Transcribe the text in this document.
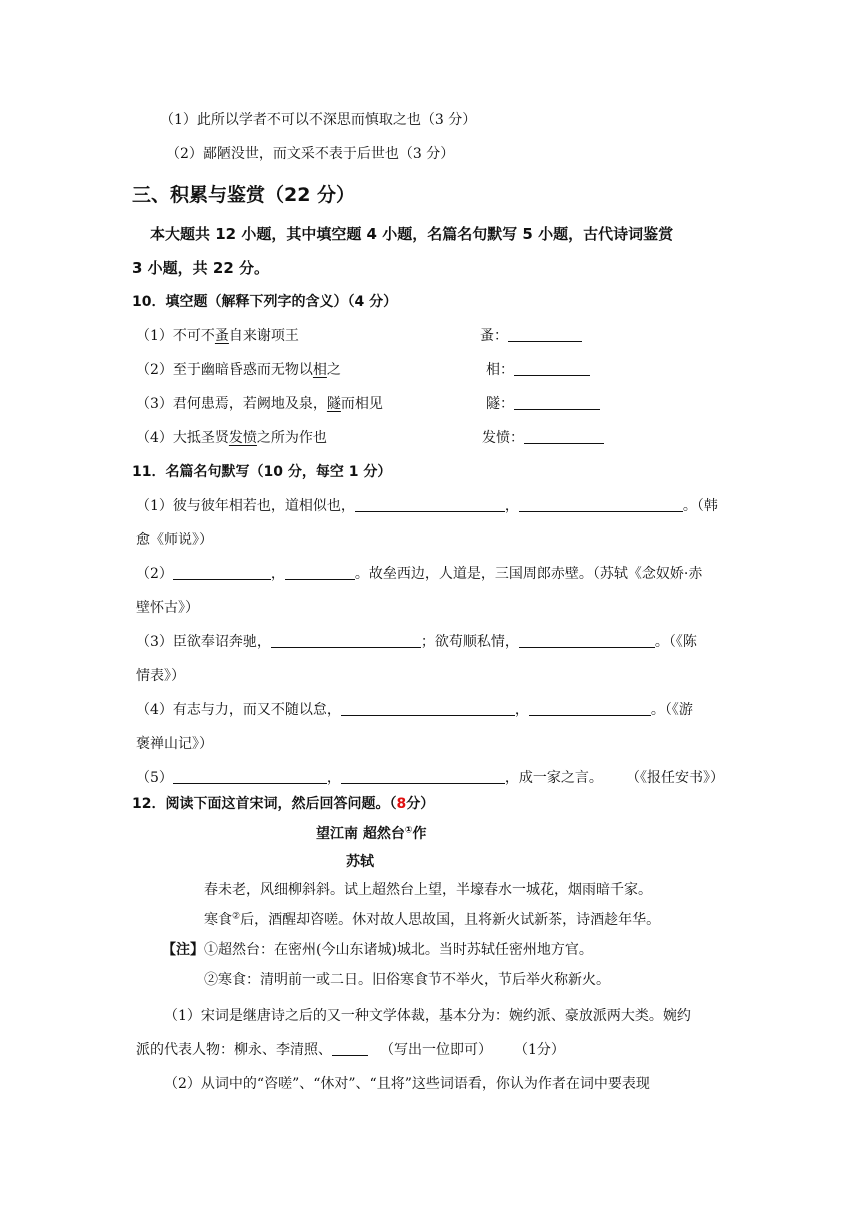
（1）此所以学者不可以不深思而慎取之也（3 分）
（2）鄙陋没世，而文采不表于后世也（3 分）
三、积累与鉴赏（22 分）
本大题共 12 小题，其中填空题 4 小题，名篇名句默写 5 小题，古代诗词鉴赏
3 小题，共 22 分。
10．填空题（解释下列字的含义）（4 分）
（1）不可不蚤自来谢项王	蚤：
（2）至于幽暗昏惑而无物以相之	相：
（3）君何患焉，若阙地及泉，隧而相见	隧：
（4）大抵圣贤发愤之所为作也	发愤：
11．名篇名句默写（10 分，每空 1 分）
（1）彼与彼年相若也，道相似也，	，	。（韩
愈《师说》）
（2）	，	。故垒西边，人道是，三国周郎赤壁。（苏轼《念奴娇·赤
壁怀古》）
（3）臣欲奉诏奔驰，	；欲苟顺私情，	。（《陈
情表》）
（4）有志与力，而又不随以怠，	，	。（《游
褒禅山记》）
（5）	，	，成一家之言。 （《报任安书》）
12．阅读下面这首宋词，然后回答问题。（8分）
望江南 超然台①作
苏轼
春未老，风细柳斜斜。试上超然台上望，半壕春水一城花，烟雨暗千家。
寒食②后，酒醒却咨嗟。休对故人思故国，且将新火试新茶，诗酒趁年华。
【注】①超然台：在密州(今山东诸城)城北。当时苏轼任密州地方官。
②寒食：清明前一或二日。旧俗寒食节不举火，节后举火称新火。
（1）宋词是继唐诗之后的又一种文学体裁，基本分为：婉约派、豪放派两大类。婉约
派的代表人物：柳永、李清照、	（写出一位即可） （1分）
（2）从词中的“咨嗟”、“休对”、“且将”这些词语看，你认为作者在词中要表现
